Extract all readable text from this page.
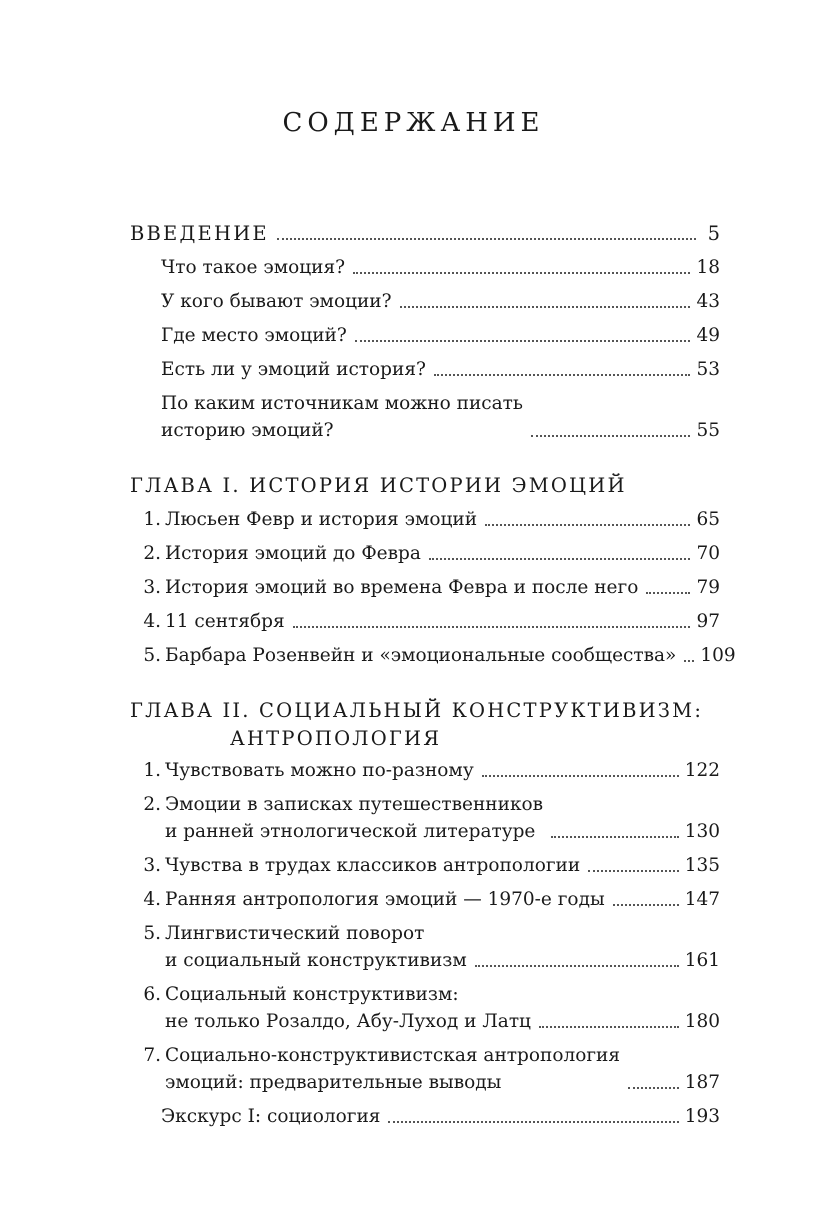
СОДЕРЖАНИЕ
ВВЕДЕНИЕ	5
Что такое эмоция?	18
У кого бывают эмоции?	43
Где место эмоций?	49
Есть ли у эмоций история?	53
По каким источникам можно писать
историю эмоций?	55
ГЛАВА I. ИСТОРИЯ ИСТОРИИ ЭМОЦИЙ
1. Люсьен Февр и история эмоций	65
2. История эмоций до Февра	70
3. История эмоций во времена Февра и после него	79
4. 11 сентября	97
5. Барбара Розенвейн и «эмоциональные сообщества» 109
ГЛАВА II. СОЦИАЛЬНЫЙ КОНСТРУКТИВИЗМ:
АНТРОПОЛОГИЯ
1. Чувствовать можно по-разному	122
2. Эмоции в записках путешественников
и ранней этнологической литературе	130
3. Чувства в трудах классиков антропологии	135
4. Ранняя антропология эмоций — 1970-е годы	147
5. Лингвистический поворот
и социальный конструктивизм	161
6. Социальный конструктивизм:
не только Розалдо, Абу-Луход и Латц	180
7. Социально-конструктивистская антропология
эмоций: предварительные выводы	187
Экскурс I: социология	193
